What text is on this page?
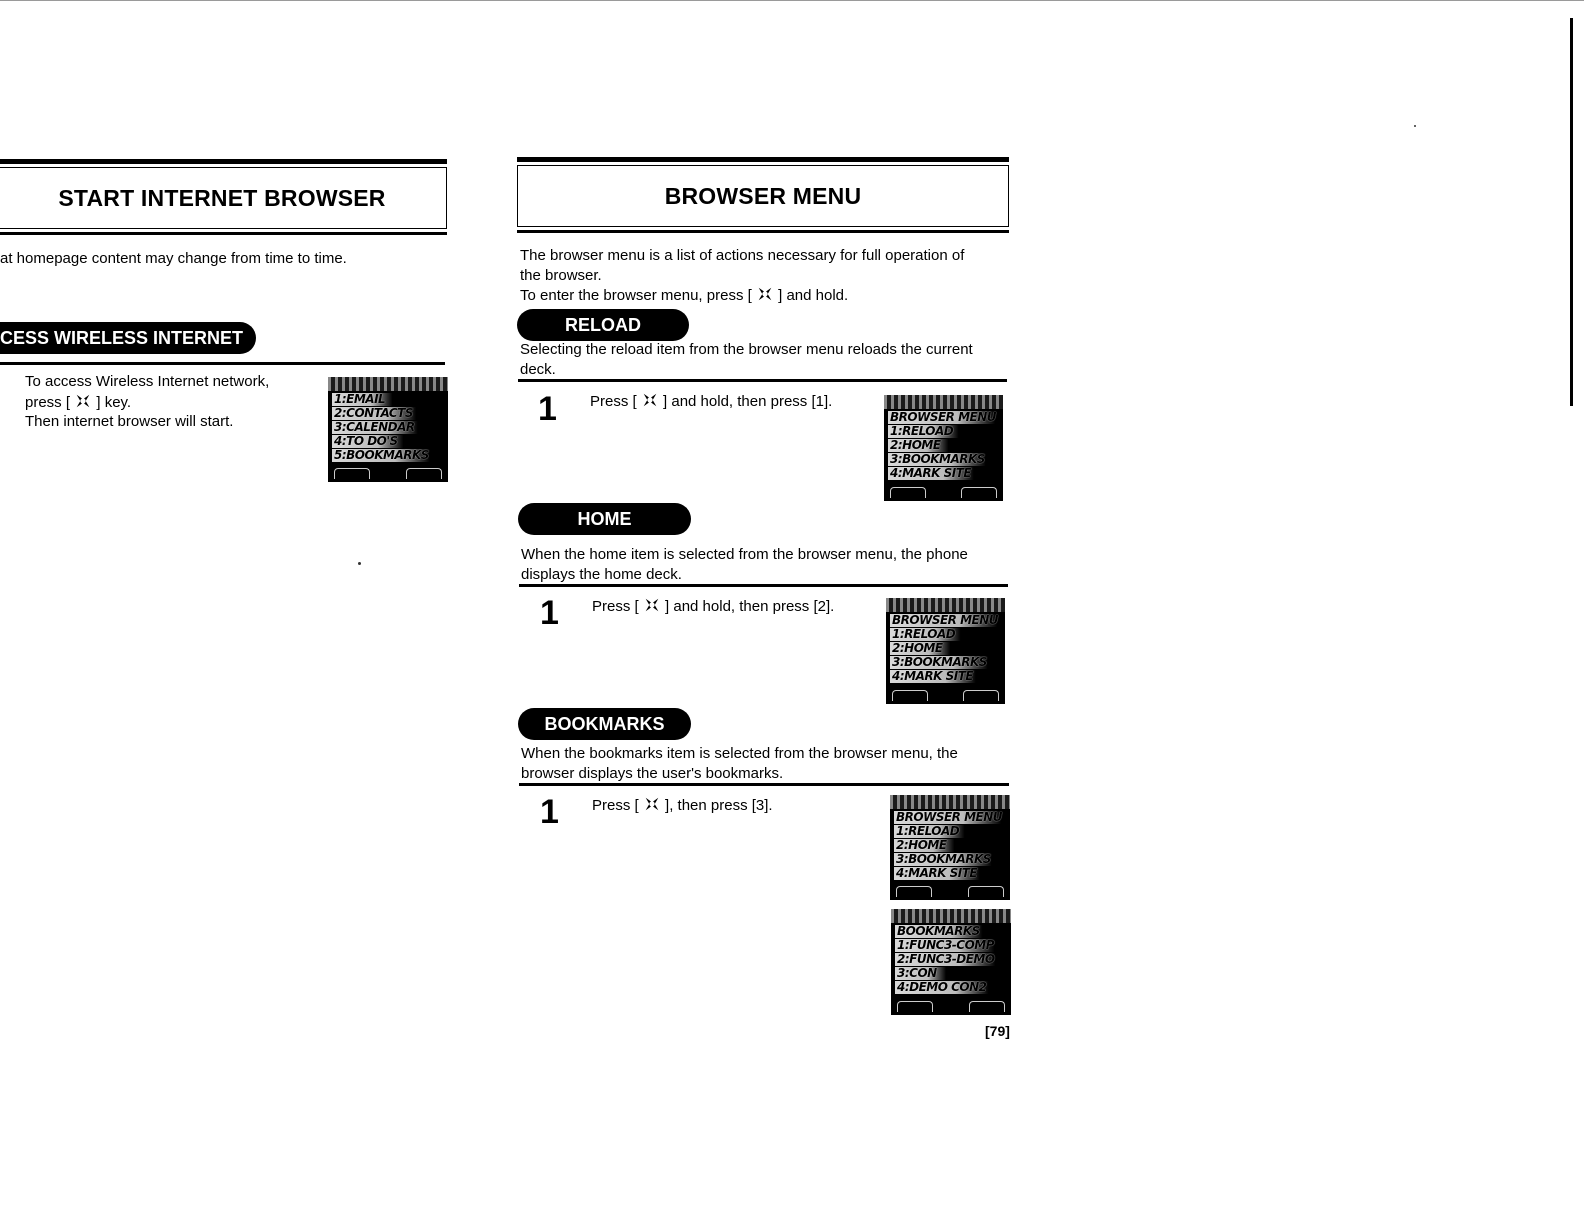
START INTERNET BROWSER
at homepage content may change from time to time.
CESS WIRELESS INTERNET
To access Wireless Internet network,
press [ ] key.
Then internet browser will start.
1:EMAIL
2:CONTACTS
3:CALENDAR
4:TO DO'S
5:BOOKMARKS
BROWSER MENU
The browser menu is a list of actions necessary for full operation of
the browser.
To enter the browser menu, press [ ] and hold.
RELOAD
Selecting the reload item from the browser menu reloads the current
deck.
1 Press [ ] and hold, then press [1].
BROWSER MENU
1:RELOAD
2:HOME
3:BOOKMARKS
4:MARK SITE
HOME
When the home item is selected from the browser menu, the phone
displays the home deck.
1 Press [ ] and hold, then press [2].
BROWSER MENU
1:RELOAD
2:HOME
3:BOOKMARKS
4:MARK SITE
BOOKMARKS
When the bookmarks item is selected from the browser menu, the
browser displays the user's bookmarks.
1 Press [ ], then press [3].
BROWSER MENU
1:RELOAD
2:HOME
3:BOOKMARKS
4:MARK SITE
BOOKMARKS
1:FUNC3-COMP
2:FUNC3-DEMO
3:CON
4:DEMO CON2
[79]
